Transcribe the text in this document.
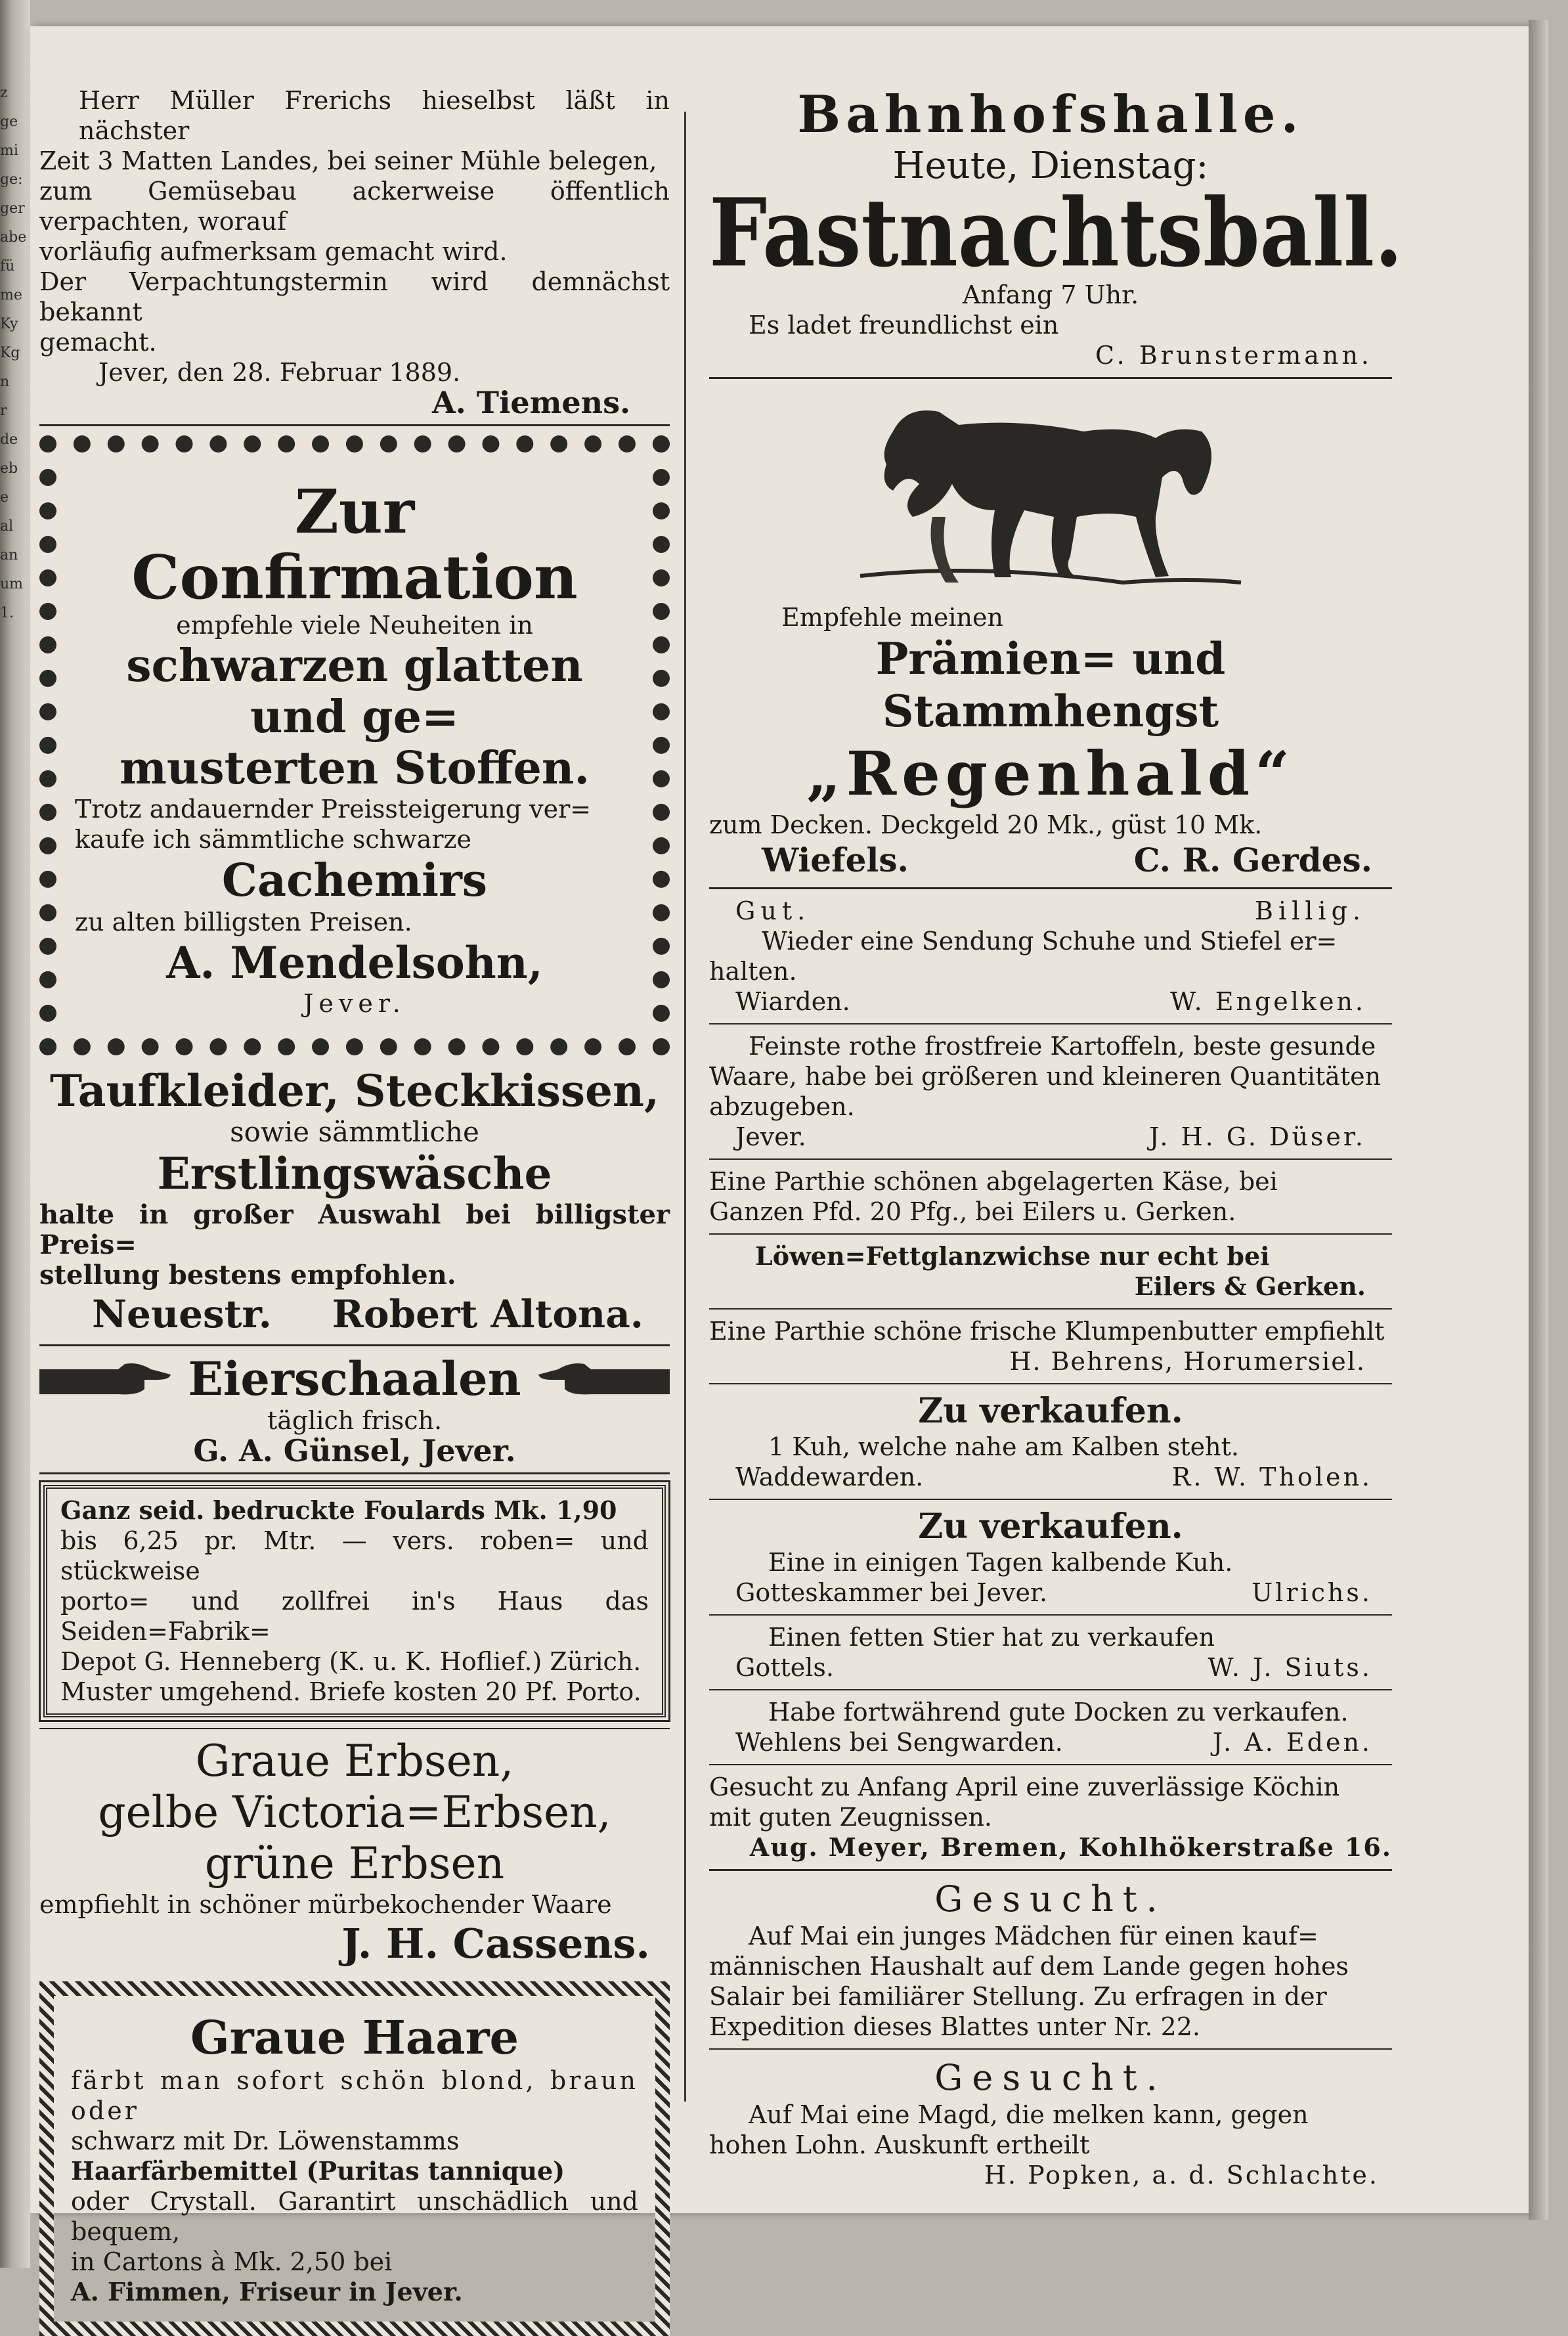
z
ge
mi
ge:
ger
abe
fü
me
Ky
Kg
n
r
de
eb
e
al
an
um
1.

Herr Müller Frerichs hieselbst läßt in nächster

Zeit 3 Matten Landes, bei seiner Mühle belegen,

zum Gemüsebau ackerweise öffentlich verpachten, worauf

vorläufig aufmerksam gemacht wird.

Der Verpachtungstermin wird demnächst bekannt

gemacht.

Jever, den 28. Februar 1889.

A. Tiemens.

Zur Confirmation

empfehle viele Neuheiten in

schwarzen glatten und ge=

musterten Stoffen.

Trotz andauernder Preissteigerung ver=

kaufe ich sämmtliche schwarze

Cachemirs

zu alten billigsten Preisen.

A. Mendelsohn,

Jever.

Taufkleider, Steckkissen,

sowie sämmtliche

Erstlingswäsche

halte in großer Auswahl bei billigster Preis=

stellung bestens empfohlen.

Neuestr. Robert Altona.
Eierschaalen

täglich frisch.

G. A. Günsel, Jever.

Ganz seid. bedruckte Foulards Mk. 1,90

bis 6,25 pr. Mtr. — vers. roben= und stückweise

porto= und zollfrei in's Haus das Seiden=Fabrik=

Depot G. Henneberg (K. u. K. Hoflief.) Zürich.

Muster umgehend. Briefe kosten 20 Pf. Porto.

Graue Erbsen,

gelbe Victoria=Erbsen,

grüne Erbsen

empfiehlt in schöner mürbekochender Waare

J. H. Cassens.

Graue Haare

färbt man sofort schön blond, braun oder

schwarz mit Dr. Löwenstamms

Haarfärbemittel (Puritas tannique)

oder Crystall. Garantirt unschädlich und bequem,

in Cartons à Mk. 2,50 bei

A. Fimmen, Friseur in Jever.

Bahnhofshalle.

Heute, Dienstag:

Fastnachtsball.

Anfang 7 Uhr.

Es ladet freundlichst ein

C. Brunstermann.

Empfehle meinen

Prämien= und Stammhengst

„Regenhald“

zum Decken. Deckgeld 20 Mk., güst 10 Mk.

Wiefels.	C. R. Gerdes.
Gut.	Billig.

Wieder eine Sendung Schuhe und Stiefel er=

halten.

Wiarden.	W. Engelken.

Feinste rothe frostfreie Kartoffeln, beste gesunde

Waare, habe bei größeren und kleineren Quantitäten

abzugeben.

Jever.	J. H. G. Düser.

Eine Parthie schönen abgelagerten Käse, bei

Ganzen Pfd. 20 Pfg., bei Eilers u. Gerken.

Löwen=Fettglanzwichse nur echt bei

Eilers & Gerken.

Eine Parthie schöne frische Klumpenbutter empfiehlt

H. Behrens, Horumersiel.

Zu verkaufen.

1 Kuh, welche nahe am Kalben steht.

Waddewarden.	R. W. Tholen.

Zu verkaufen.

Eine in einigen Tagen kalbende Kuh.

Gotteskammer bei Jever.	Ulrichs.

Einen fetten Stier hat zu verkaufen

Gottels.	W. J. Siuts.

Habe fortwährend gute Docken zu verkaufen.

Wehlens bei Sengwarden.	J. A. Eden.

Gesucht zu Anfang April eine zuverlässige Köchin

mit guten Zeugnissen.

Aug. Meyer, Bremen, Kohlhökerstraße 16.

Gesucht.

Auf Mai ein junges Mädchen für einen kauf=

männischen Haushalt auf dem Lande gegen hohes

Salair bei familiärer Stellung. Zu erfragen in der

Expedition dieses Blattes unter Nr. 22.

Gesucht.

Auf Mai eine Magd, die melken kann, gegen

hohen Lohn. Auskunft ertheilt

H. Popken, a. d. Schlachte.
